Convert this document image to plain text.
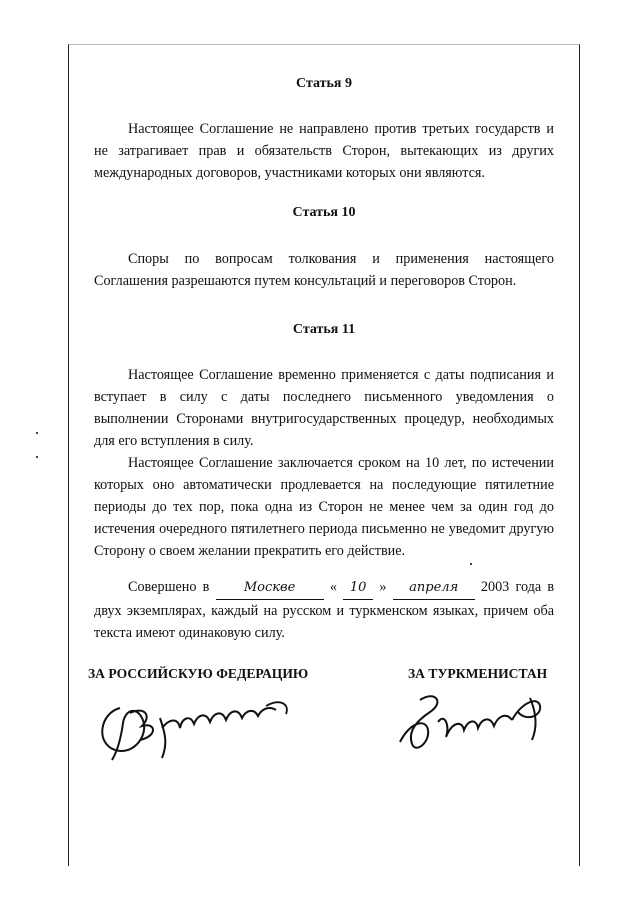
Статья 9
Настоящее Соглашение не направлено против третьих государств и не затрагивает прав и обязательств Сторон, вытекающих из других международных договоров, участниками которых они являются.
Статья 10
Споры по вопросам толкования и применения настоящего Соглашения разрешаются путем консультаций и переговоров Сторон.
Статья 11
Настоящее Соглашение временно применяется с даты подписания и вступает в силу с даты последнего письменного уведомления о выполнении Сторонами внутригосударственных процедур, необходимых для его вступления в силу.
Настоящее Соглашение заключается сроком на 10 лет, по истечении которых оно автоматически продлевается на последующие пятилетние периоды до тех пор, пока одна из Сторон не менее чем за один год до истечения очередного пятилетнего периода письменно не уведомит другую Сторону о своем желании прекратить его действие.
Совершено в	Москве « 10 » апреля 2003 года в двух экземплярах, каждый на русском и туркменском языках, причем оба текста имеют одинаковую силу.
ЗА РОССИЙСКУЮ ФЕДЕРАЦИЮ	ЗА ТУРКМЕНИСТАН
